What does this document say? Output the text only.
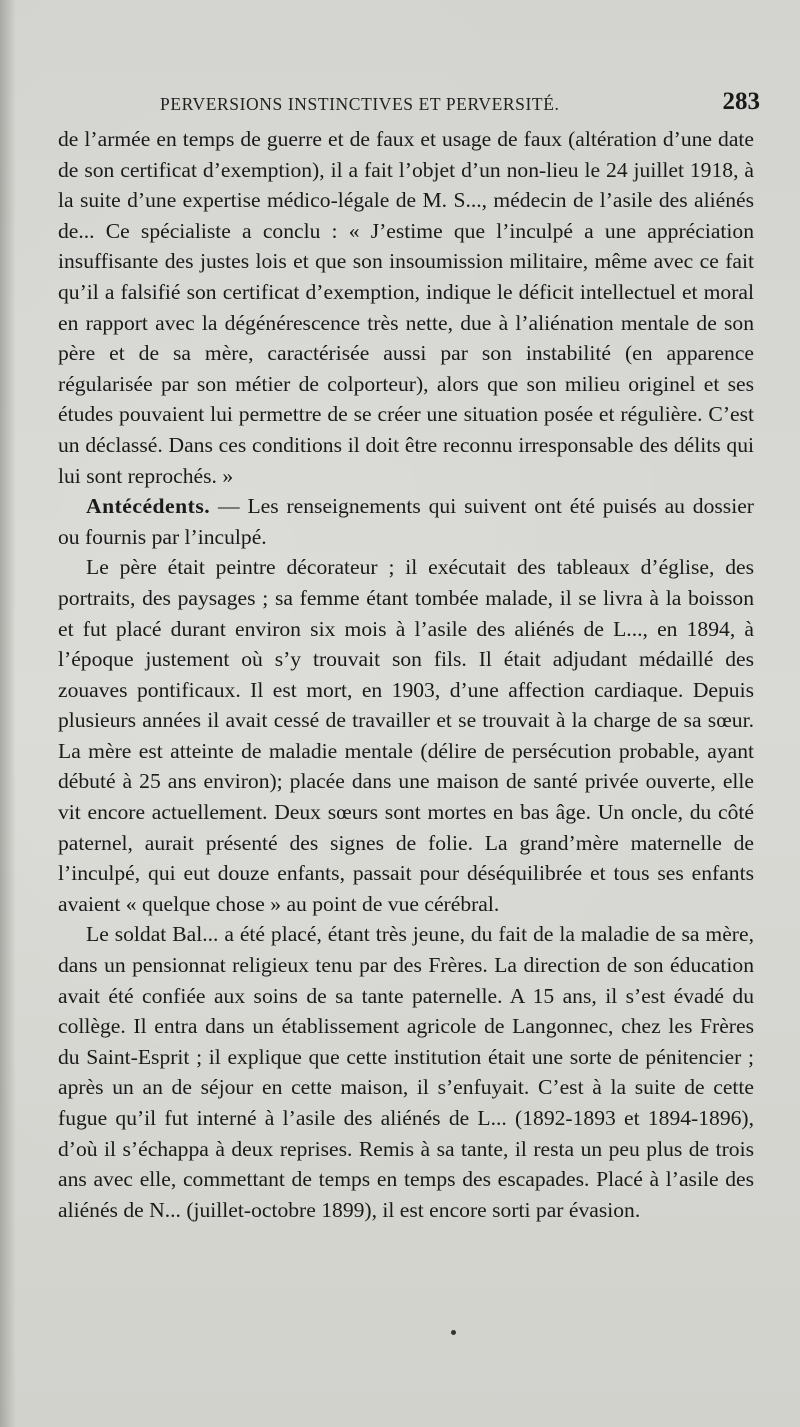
PERVERSIONS INSTINCTIVES ET PERVERSITÉ.	283

de l’armée en temps de guerre et de faux et usage de faux (altération d’une date de son certificat d’exemption), il a fait l’objet d’un non-lieu le 24 juillet 1918, à la suite d’une expertise médico-légale de M. S..., médecin de l’asile des aliénés de... Ce spécialiste a conclu : « J’estime que l’inculpé a une appréciation insuffisante des justes lois et que son insoumission militaire, même avec ce fait qu’il a falsifié son certificat d’exemption, indique le déficit intellectuel et moral en rapport avec la dégénérescence très nette, due à l’aliénation mentale de son père et de sa mère, caractérisée aussi par son instabilité (en apparence régularisée par son métier de colporteur), alors que son milieu originel et ses études pouvaient lui permettre de se créer une situation posée et régulière. C’est un déclassé. Dans ces conditions il doit être reconnu irresponsable des délits qui lui sont reprochés. »

Antécédents. — Les renseignements qui suivent ont été puisés au dossier ou fournis par l’inculpé.

Le père était peintre décorateur ; il exécutait des tableaux d’église, des portraits, des paysages ; sa femme étant tombée malade, il se livra à la boisson et fut placé durant environ six mois à l’asile des aliénés de L..., en 1894, à l’époque justement où s’y trouvait son fils. Il était adjudant médaillé des zouaves pontificaux. Il est mort, en 1903, d’une affection cardiaque. Depuis plusieurs années il avait cessé de travailler et se trouvait à la charge de sa sœur. La mère est atteinte de maladie mentale (délire de persécution probable, ayant débuté à 25 ans environ); placée dans une maison de santé privée ouverte, elle vit encore actuellement. Deux sœurs sont mortes en bas âge. Un oncle, du côté paternel, aurait présenté des signes de folie. La grand’mère maternelle de l’inculpé, qui eut douze enfants, passait pour déséquilibrée et tous ses enfants avaient « quelque chose » au point de vue cérébral.

Le soldat Bal... a été placé, étant très jeune, du fait de la maladie de sa mère, dans un pensionnat religieux tenu par des Frères. La direction de son éducation avait été confiée aux soins de sa tante paternelle. A 15 ans, il s’est évadé du collège. Il entra dans un établissement agricole de Langonnec, chez les Frères du Saint-Esprit ; il explique que cette institution était une sorte de pénitencier ; après un an de séjour en cette maison, il s’enfuyait. C’est à la suite de cette fugue qu’il fut interné à l’asile des aliénés de L... (1892-1893 et 1894-1896), d’où il s’échappa à deux reprises. Remis à sa tante, il resta un peu plus de trois ans avec elle, commettant de temps en temps des escapades. Placé à l’asile des aliénés de N... (juillet-octobre 1899), il est encore sorti par évasion.
